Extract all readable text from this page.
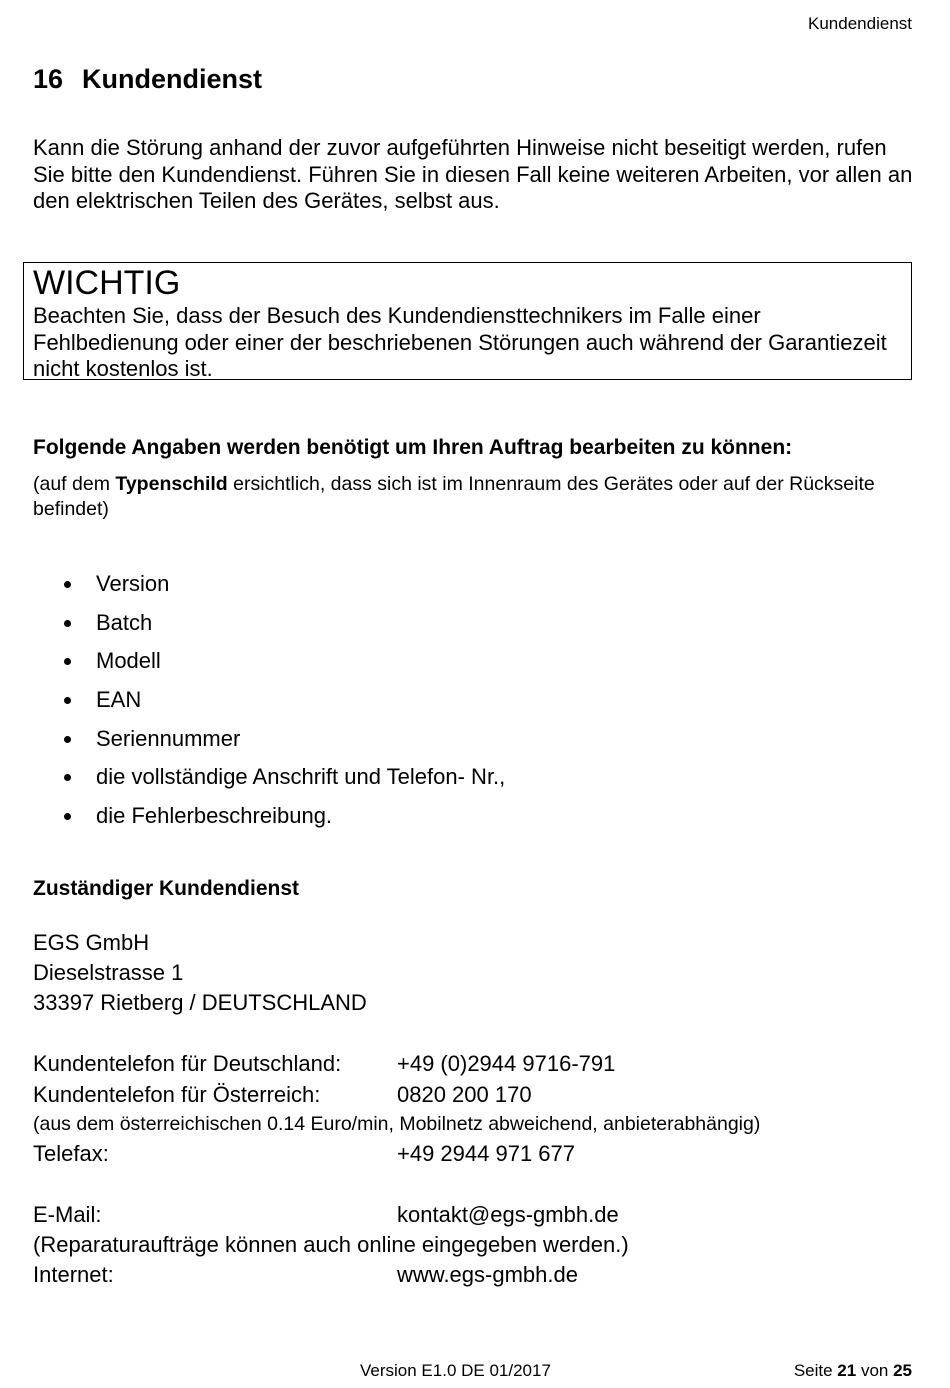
Kundendienst
16 Kundendienst
Kann die Störung anhand der zuvor aufgeführten Hinweise nicht beseitigt werden, rufen Sie bitte den Kundendienst. Führen Sie in diesen Fall keine weiteren Arbeiten, vor allen an den elektrischen Teilen des Gerätes, selbst aus.
WICHTIG
Beachten Sie, dass der Besuch des Kundendiensttechnikers im Falle einer Fehlbedienung oder einer der beschriebenen Störungen auch während der Garantiezeit nicht kostenlos ist.
Folgende Angaben werden benötigt um Ihren Auftrag bearbeiten zu können:
(auf dem Typenschild ersichtlich, dass sich ist im Innenraum des Gerätes oder auf der Rückseite befindet)
Version
Batch
Modell
EAN
Seriennummer
die vollständige Anschrift und Telefon- Nr.,
die Fehlerbeschreibung.
Zuständiger Kundendienst
EGS GmbH
Dieselstrasse 1
33397 Rietberg / DEUTSCHLAND
Kundentelefon für Deutschland:	+49 (0)2944 9716-791
Kundentelefon für Österreich:	0820 200 170
(aus dem österreichischen 0.14 Euro/min, Mobilnetz abweichend, anbieterabhängig)
Telefax:	+49 2944 971 677
E-Mail:	kontakt@egs-gmbh.de
(Reparaturaufträge können auch online eingegeben werden.)
Internet:	www.egs-gmbh.de
Version E1.0 DE 01/2017	Seite 21 von 25
